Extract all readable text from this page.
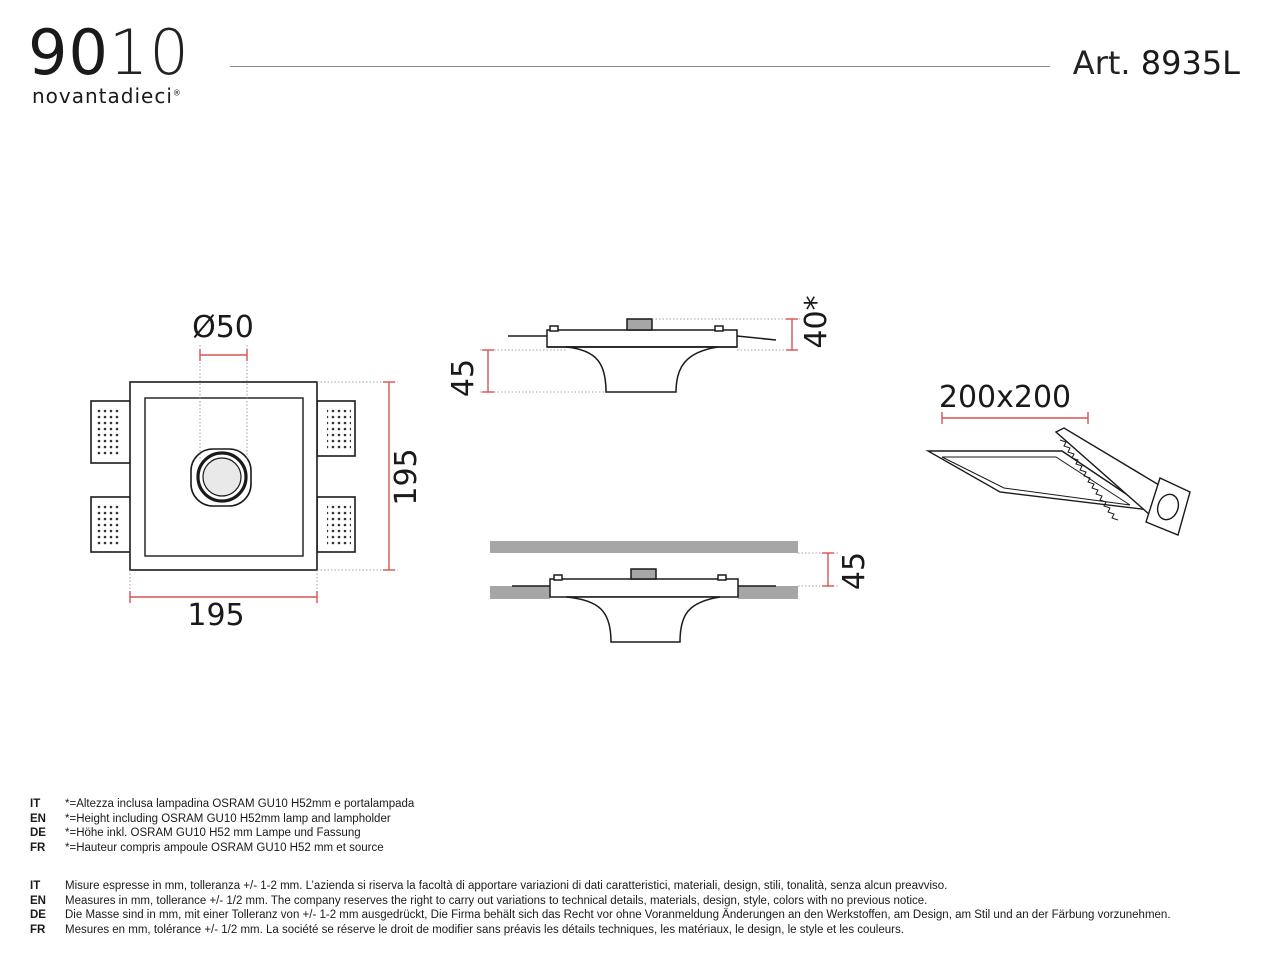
9010
novantadieci®
Art. 8935L
Ø50
195
195
45
40*
45
200x200
IT	*=Altezza inclusa lampadina OSRAM GU10 H52mm e portalampada
EN	*=Height including OSRAM GU10 H52mm lamp and lampholder
DE	*=Höhe inkl. OSRAM GU10 H52 mm Lampe und Fassung
FR	*=Hauteur compris ampoule OSRAM GU10 H52 mm et source
IT	Misure espresse in mm, tolleranza +/- 1-2 mm. L’azienda si riserva la facoltà di apportare variazioni di dati caratteristici, materiali, design, stili, tonalità, senza alcun preavviso.
EN	Measures in mm, tollerance +/- 1/2 mm. The company reserves the right to carry out variations to technical details, materials, design, style, colors with no previous notice.
DE	Die Masse sind in mm, mit einer Tolleranz von +/- 1-2 mm ausgedrückt, Die Firma behält sich das Recht vor ohne Voranmeldung Änderungen an den Werkstoffen, am Design, am Stil und an der Färbung vorzunehmen.
FR	Mesures en mm, tolérance +/- 1/2 mm. La société se réserve le droit de modifier sans préavis les détails techniques, les matériaux, le design, le style et les couleurs.
